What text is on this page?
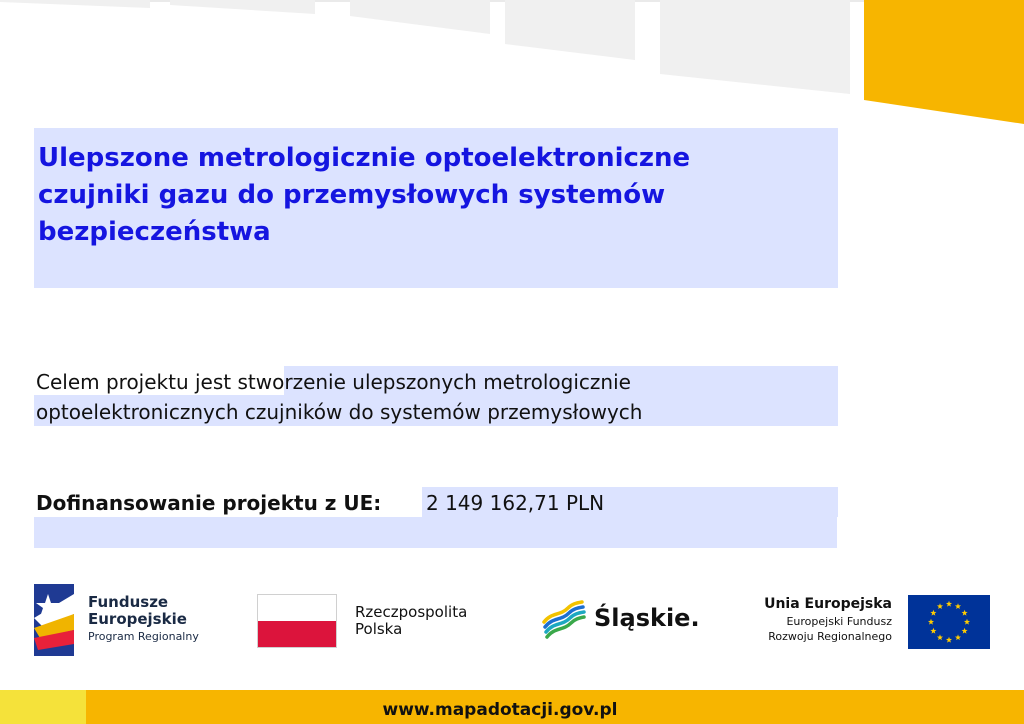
Ulepszone metrologicznie optoelektroniczne czujniki gazu do przemysłowych systemów bezpieczeństwa

Celem projektu jest stworzenie ulepszonych metrologicznie optoelektronicznych czujników do systemów przemysłowych

Dofinansowanie projektu z UE: 2 149 162,71 PLN

Fundusze
Europejskie
Program Regionalny
Rzeczpospolita
Polska	Śląskie.	Unia Europejska
Europejski Fundusz
Rozwoju Regionalnego
www.mapadotacji.gov.pl
